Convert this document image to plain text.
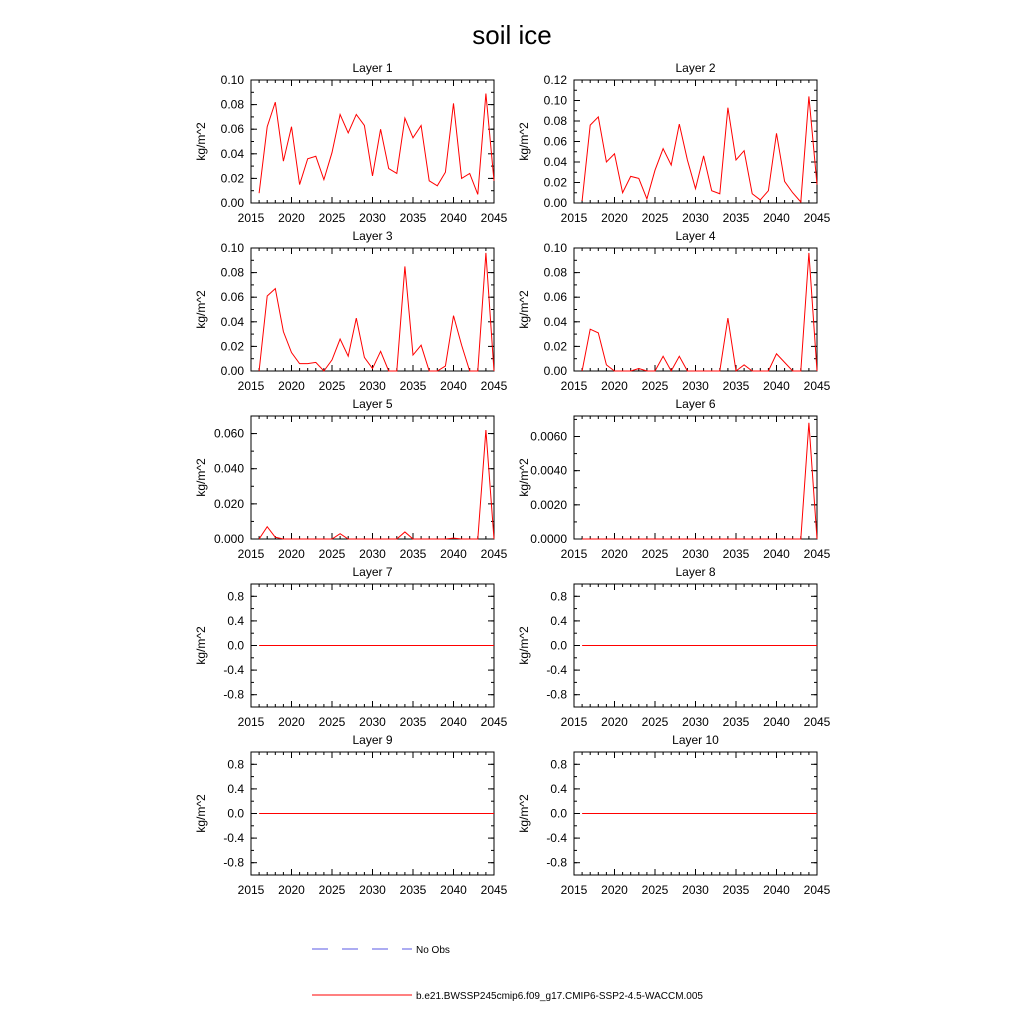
soil ice
Layer 1
kg/m^2
2015 2020 2025 2030 2035 2040 2045
0.00
0.02
0.04
0.06
0.08
0.10
Layer 2
kg/m^2
2015 2020 2025 2030 2035 2040 2045
0.00
0.02
0.04
0.06
0.08
0.10
0.12
Layer 3
kg/m^2
2015 2020 2025 2030 2035 2040 2045
0.00
0.02
0.04
0.06
0.08
0.10
Layer 4
kg/m^2
2015 2020 2025 2030 2035 2040 2045
0.00
0.02
0.04
0.06
0.08
0.10
Layer 5
kg/m^2
2015 2020 2025 2030 2035 2040 2045
0.000
0.020
0.040
0.060
Layer 6
kg/m^2
2015 2020 2025 2030 2035 2040 2045
0.0000
0.0020
0.0040
0.0060
Layer 7
kg/m^2
2015 2020 2025 2030 2035 2040 2045
-0.8
-0.4
0.0
0.4
0.8
Layer 8
kg/m^2
2015 2020 2025 2030 2035 2040 2045
-0.8
-0.4
0.0
0.4
0.8
Layer 9
kg/m^2
2015 2020 2025 2030 2035 2040 2045
-0.8
-0.4
0.0
0.4
0.8
Layer 10
kg/m^2
2015 2020 2025 2030 2035 2040 2045
-0.8
-0.4
0.0
0.4
0.8
No Obs
b.e21.BWSSP245cmip6.f09_g17.CMIP6-SSP2-4.5-WACCM.005
